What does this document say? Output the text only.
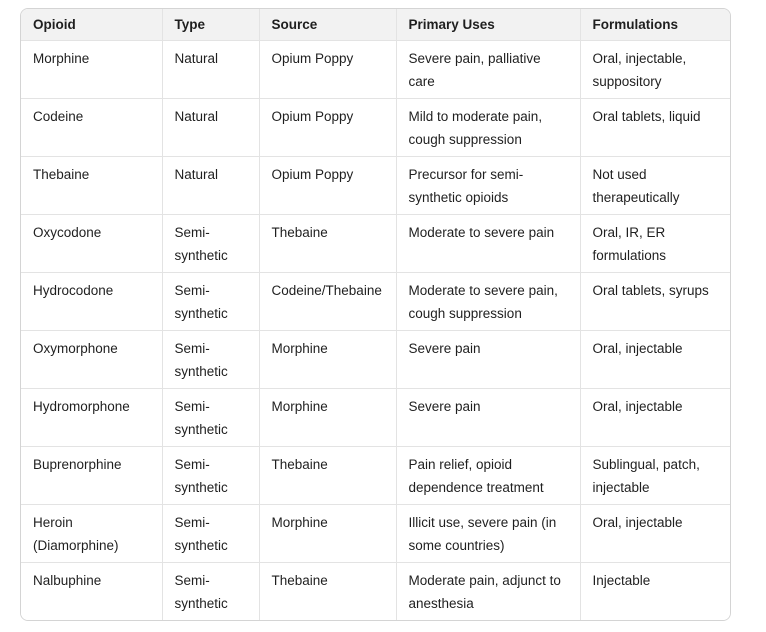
Opioid	Type	Source	Primary Uses	Formulations
Morphine	Natural	Opium Poppy	Severe pain, palliative care	Oral, injectable, suppository
Codeine	Natural	Opium Poppy	Mild to moderate pain, cough suppression	Oral tablets, liquid
Thebaine	Natural	Opium Poppy	Precursor for semi-synthetic opioids	Not used therapeutically
Oxycodone	Semi-synthetic	Thebaine	Moderate to severe pain	Oral, IR, ER formulations
Hydrocodone	Semi-synthetic	Codeine/Thebaine	Moderate to severe pain, cough suppression	Oral tablets, syrups
Oxymorphone	Semi-synthetic	Morphine	Severe pain	Oral, injectable
Hydromorphone	Semi-synthetic	Morphine	Severe pain	Oral, injectable
Buprenorphine	Semi-synthetic	Thebaine	Pain relief, opioid dependence treatment	Sublingual, patch, injectable
Heroin (Diamorphine)	Semi-synthetic	Morphine	Illicit use, severe pain (in some countries)	Oral, injectable
Nalbuphine	Semi-synthetic	Thebaine	Moderate pain, adjunct to anesthesia	Injectable
